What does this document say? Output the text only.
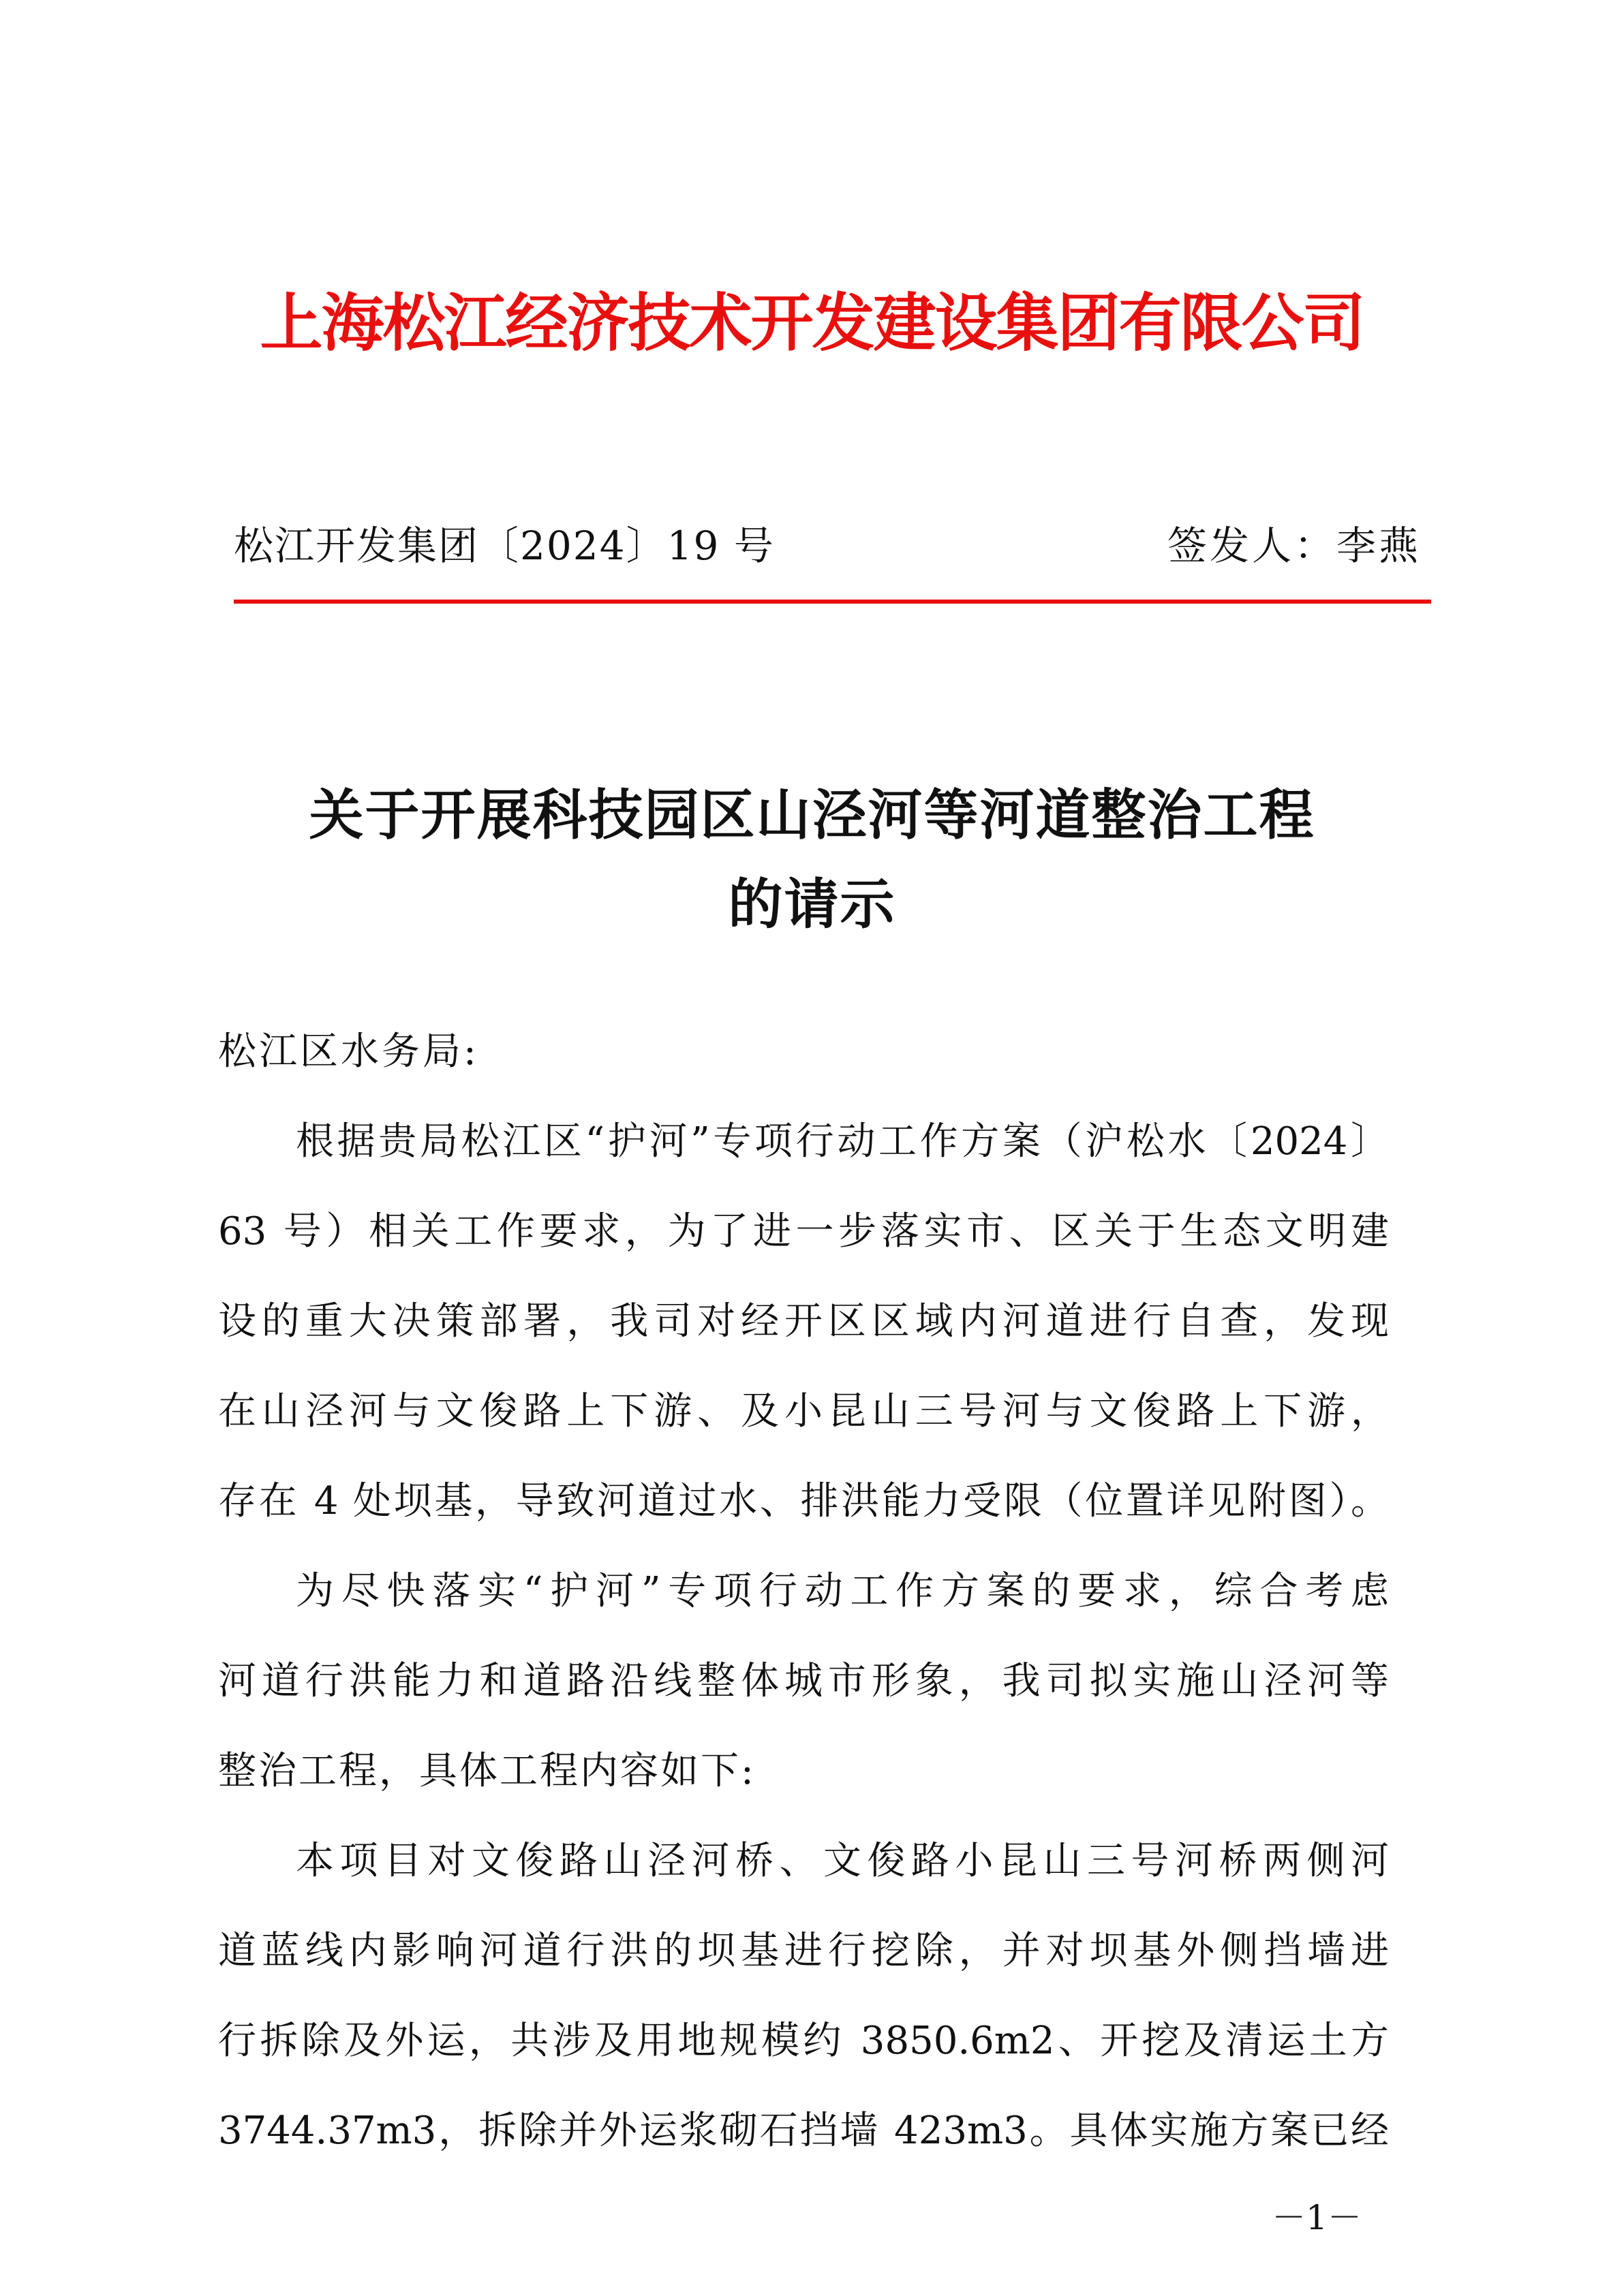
上海松江经济技术开发建设集团有限公司
松江开发集团〔2024〕19 号	签发人：李燕
关于开展科技园区山泾河等河道整治工程
的请示
松江区水务局:
根据贵局松江区“护河”专项行动工作方案（沪松水〔2024〕
63 号）相关工作要求，为了进一步落实市、区关于生态文明建
设的重大决策部署，我司对经开区区域内河道进行自查，发现
在山泾河与文俊路上下游、及小昆山三号河与文俊路上下游，
存在 4 处坝基，导致河道过水、排洪能力受限（位置详见附图）。
为尽快落实“护河”专项行动工作方案的要求，综合考虑
河道行洪能力和道路沿线整体城市形象，我司拟实施山泾河等
整治工程，具体工程内容如下:
本项目对文俊路山泾河桥、文俊路小昆山三号河桥两侧河
道蓝线内影响河道行洪的坝基进行挖除，并对坝基外侧挡墙进
行拆除及外运，共涉及用地规模约 3850.6m2、开挖及清运土方
3744.37m3，拆除并外运浆砌石挡墙 423m3。具体实施方案已经
－1－
